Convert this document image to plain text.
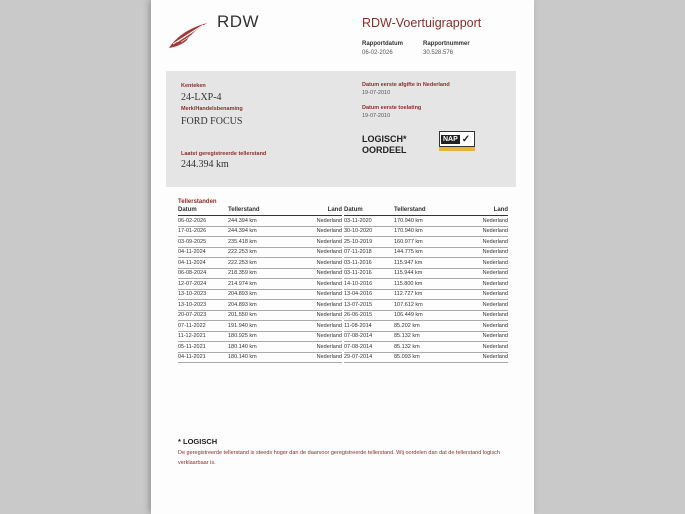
RDW	RDW-Voertuigrapport
Rapportdatum
06-02-2026
Rapportnummer
30.528.576
Kenteken
24-LXP-4
Merk/Handelsbenaming
FORD FOCUS
Laatst geregistreerde tellerstand
244.394 km
Datum eerste afgifte in Nederland
19-07-2010
Datum eerste toelating
19-07-2010
LOGISCH*
OORDEEL
NAP ✓
Tellerstanden
Datum	Tellerstand	Land
06-02-2026	244.394 km	Nederland
17-01-2026	244.394 km	Nederland
03-09-2025	235.418 km	Nederland
04-11-2024	222.253 km	Nederland
04-11-2024	222.253 km	Nederland
06-08-2024	218.359 km	Nederland
12-07-2024	214.974 km	Nederland
13-10-2023	204.893 km	Nederland
13-10-2023	204.893 km	Nederland
20-07-2023	201.550 km	Nederland
07-11-2022	191.940 km	Nederland
11-12-2021	180.925 km	Nederland
05-11-2021	180.140 km	Nederland
04-11-2021	180.140 km	Nederland
Datum	Tellerstand	Land
03-11-2020	170.940 km	Nederland
30-10-2020	170.940 km	Nederland
25-10-2019	160.977 km	Nederland
07-11-2018	144.775 km	Nederland
03-11-2016	115.947 km	Nederland
03-11-2016	115.944 km	Nederland
14-10-2016	115.800 km	Nederland
13-04-2016	112.727 km	Nederland
13-07-2015	107.612 km	Nederland
26-06-2015	106.449 km	Nederland
11-08-2014	85.202 km	Nederland
07-08-2014	85.132 km	Nederland
07-08-2014	85.132 km	Nederland
29-07-2014	85.093 km	Nederland
* LOGISCH
De geregistreerde tellerstand is steeds hoger dan de daarvoor geregistreerde tellerstand. Wij oordelen dan dat de tellerstand logisch verklaarbaar is.
